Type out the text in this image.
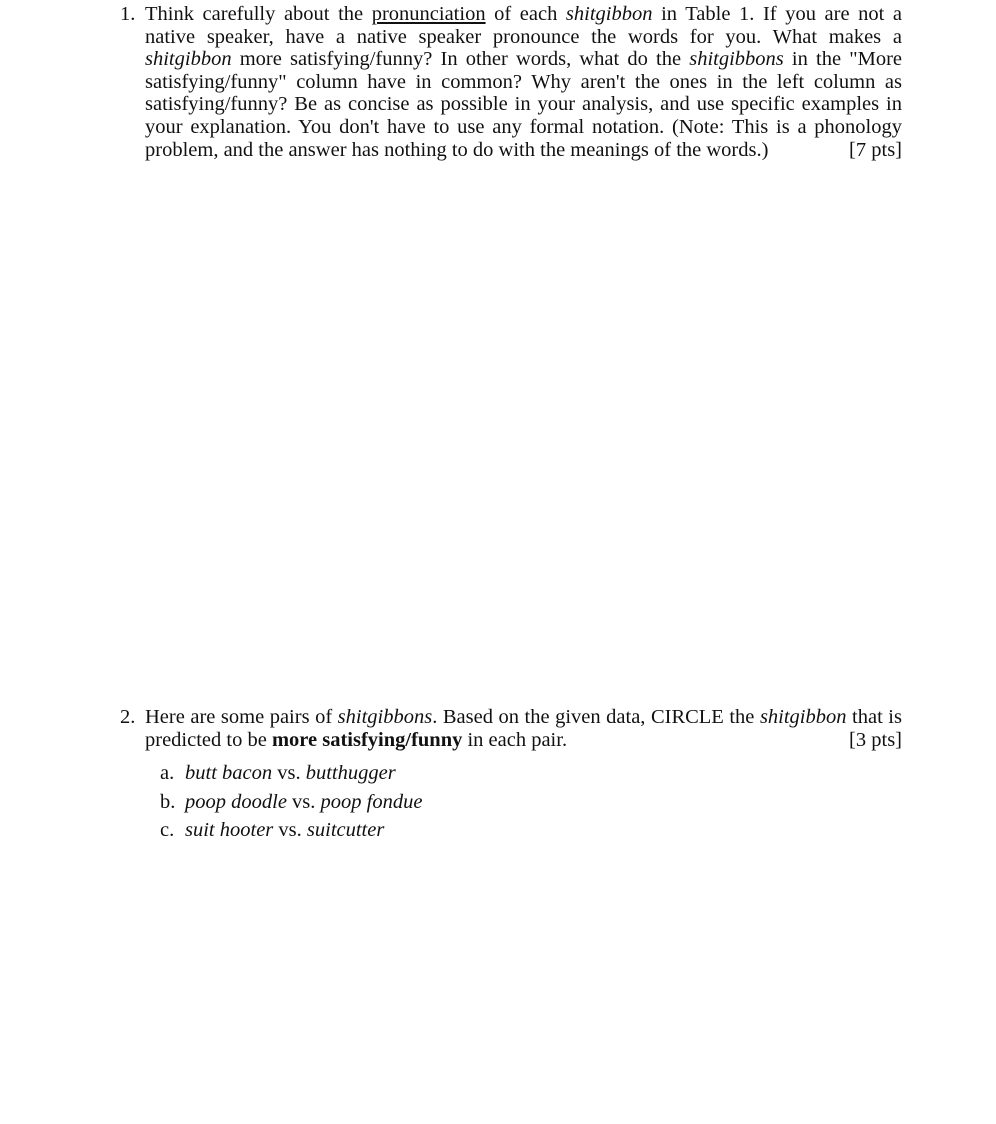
1. Think carefully about the pronunciation of each shitgibbon in Table 1. If you are not a native speaker, have a native speaker pronounce the words for you. What makes a shitgibbon more satisfying/funny? In other words, what do the shitgibbons in the "More satisfying/funny" column have in common? Why aren't the ones in the left column as satisfying/funny? Be as concise as possible in your analysis, and use specific examples in your explanation. You don't have to use any formal notation. (Note: This is a phonology problem, and the answer has nothing to do with the meanings of the words.)	[7 pts]
2. Here are some pairs of shitgibbons. Based on the given data, CIRCLE the shitgibbon that is predicted to be more satisfying/funny in each pair.	[3 pts]
a. butt bacon vs. butthugger
b. poop doodle vs. poop fondue
c. suit hooter vs. suitcutter
